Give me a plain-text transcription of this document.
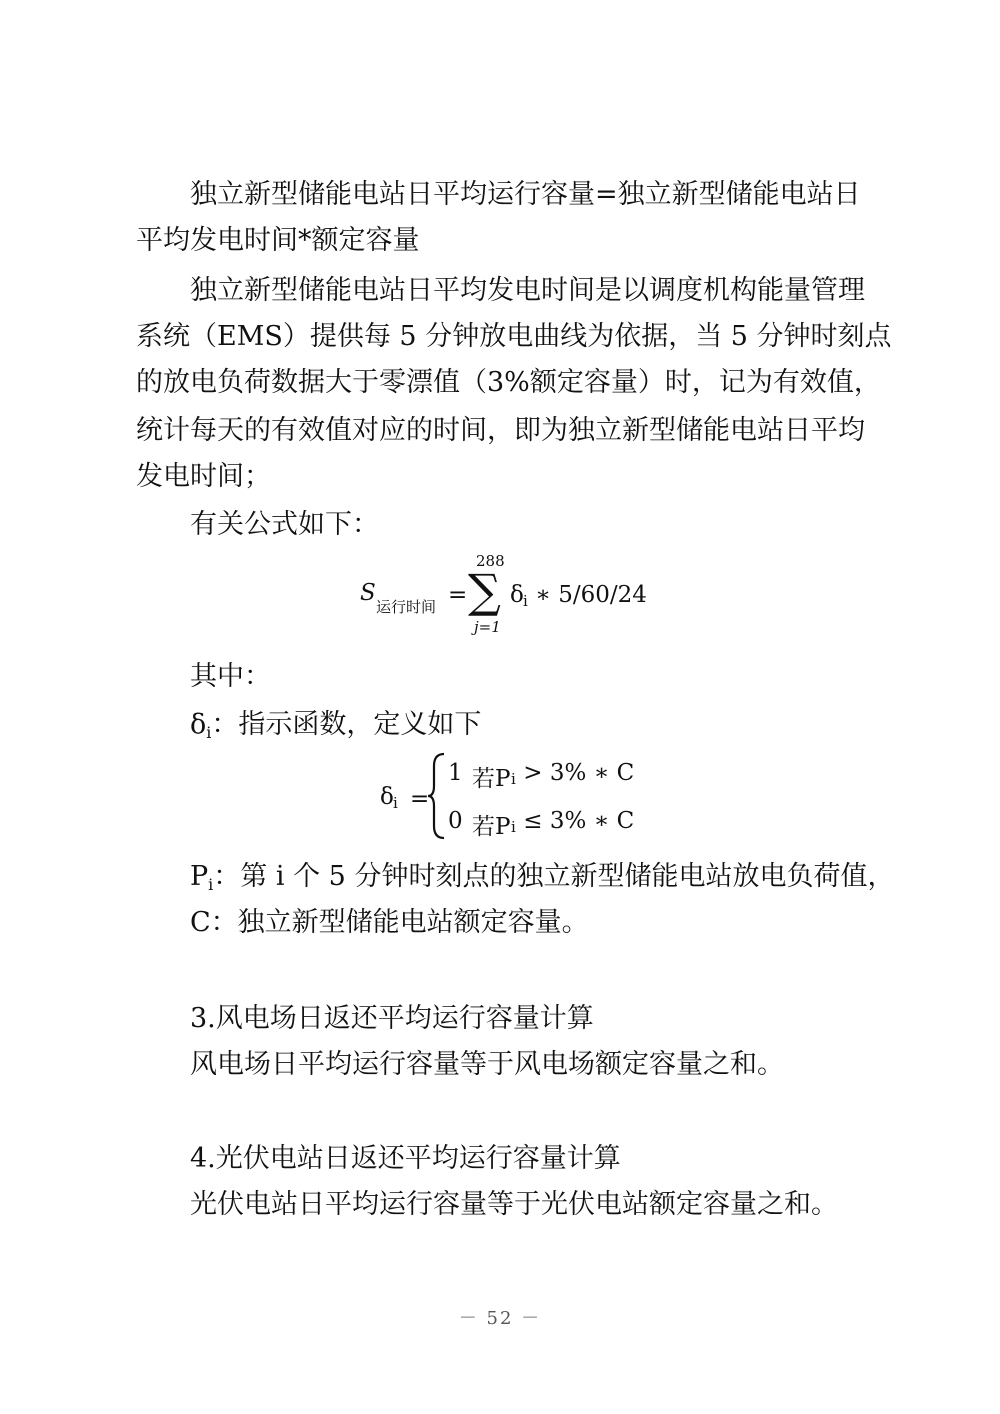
独立新型储能电站日平均运行容量=独立新型储能电站日
平均发电时间*额定容量
独立新型储能电站日平均发电时间是以调度机构能量管理
系统（EMS）提供每 5 分钟放电曲线为依据，当 5 分钟时刻点
的放电负荷数据大于零漂值（3%额定容量）时，记为有效值，
统计每天的有效值对应的时间，即为独立新型储能电站日平均
发电时间；
有关公式如下：
S
运行时间 =
288
∑
j=1
δ i ∗ 5/60/24
其中：
$\delta_i$：指示函数，定义如下
δ i =
1 若P i > 3% ∗ C
0 若P i ≤ 3% ∗ C
$P_i$：第 i 个 5 分钟时刻点的独立新型储能电站放电负荷值，
C：独立新型储能电站额定容量。
3.风电场日返还平均运行容量计算
风电场日平均运行容量等于风电场额定容量之和。
4.光伏电站日返还平均运行容量计算
光伏电站日平均运行容量等于光伏电站额定容量之和。
－ 52 －
